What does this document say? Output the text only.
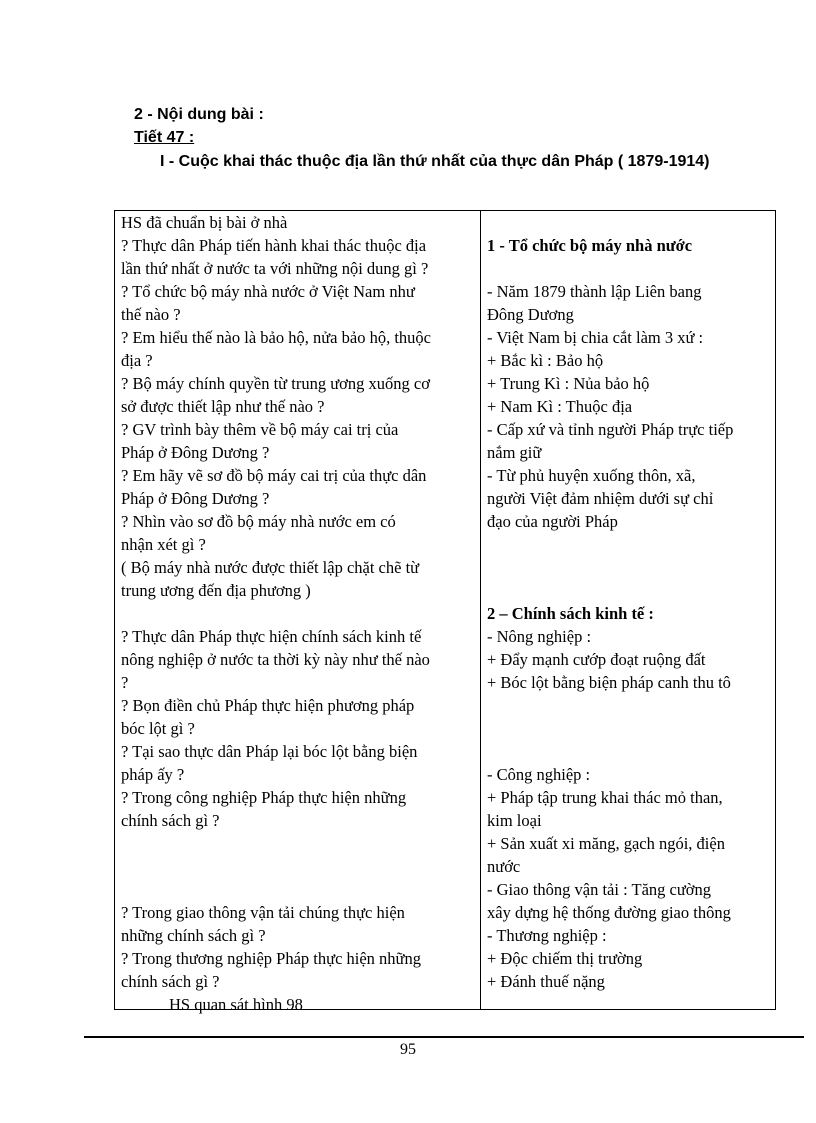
2 - Nội dung bài :
Tiết 47 :
I - Cuộc khai thác thuộc địa lần thứ nhất của thực dân Pháp ( 1879-1914)
HS đã chuẩn bị bài ở nhà
? Thực dân Pháp tiến hành khai thác thuộc địa
lần thứ nhất ở nước ta với những nội dung gì ?
? Tổ chức bộ máy nhà nước ở Việt Nam như
thế nào ?
? Em hiểu thế nào là bảo hộ, nửa bảo hộ, thuộc
địa ?
? Bộ máy chính quyền từ trung ương xuống cơ
sở được thiết lập như thế nào ?
? GV trình bày thêm về bộ máy cai trị của
Pháp ở Đông Dương ?
? Em hãy vẽ sơ đồ bộ máy cai trị của thực dân
Pháp ở Đông Dương ?
? Nhìn vào sơ đồ bộ máy nhà nước em có
nhận xét gì ?
( Bộ máy nhà nước được thiết lập chặt chẽ từ
trung ương đến địa phương )
? Thực dân Pháp thực hiện chính sách kinh tế
nông nghiệp ở nước ta thời kỳ này như thế nào
?
? Bọn điền chủ Pháp thực hiện phương pháp
bóc lột gì ?
? Tại sao thực dân Pháp lại bóc lột bằng biện
pháp ấy ?
? Trong công nghiệp Pháp thực hiện những
chính sách gì ?
? Trong giao thông vận tải chúng thực hiện
những chính sách gì ?
? Trong thương nghiệp Pháp thực hiện những
chính sách gì ?
HS quan sát hình 98
1 - Tổ chức bộ máy nhà nước
- Năm 1879 thành lập Liên bang
Đông Dương
- Việt Nam bị chia cắt làm 3 xứ :
+ Bắc kì : Bảo hộ
+ Trung Kì : Nủa bảo hộ
+ Nam Kì : Thuộc địa
- Cấp xứ và tỉnh người Pháp trực tiếp
nắm giữ
- Từ phủ huyện xuống thôn, xã,
người Việt đảm nhiệm dưới sự chỉ
đạo của người Pháp
2 – Chính sách kinh tế :
- Nông nghiệp :
+ Đẩy mạnh cướp đoạt ruộng đất
+ Bóc lột bằng biện pháp canh thu tô
- Công nghiệp :
+ Pháp tập trung khai thác mỏ than,
kim loại
+ Sản xuất xi măng, gạch ngói, điện
nước
- Giao thông vận tải : Tăng cường
xây dựng hệ thống đường giao thông
- Thương nghiệp :
+ Độc chiếm thị trường
+ Đánh thuế nặng
95
